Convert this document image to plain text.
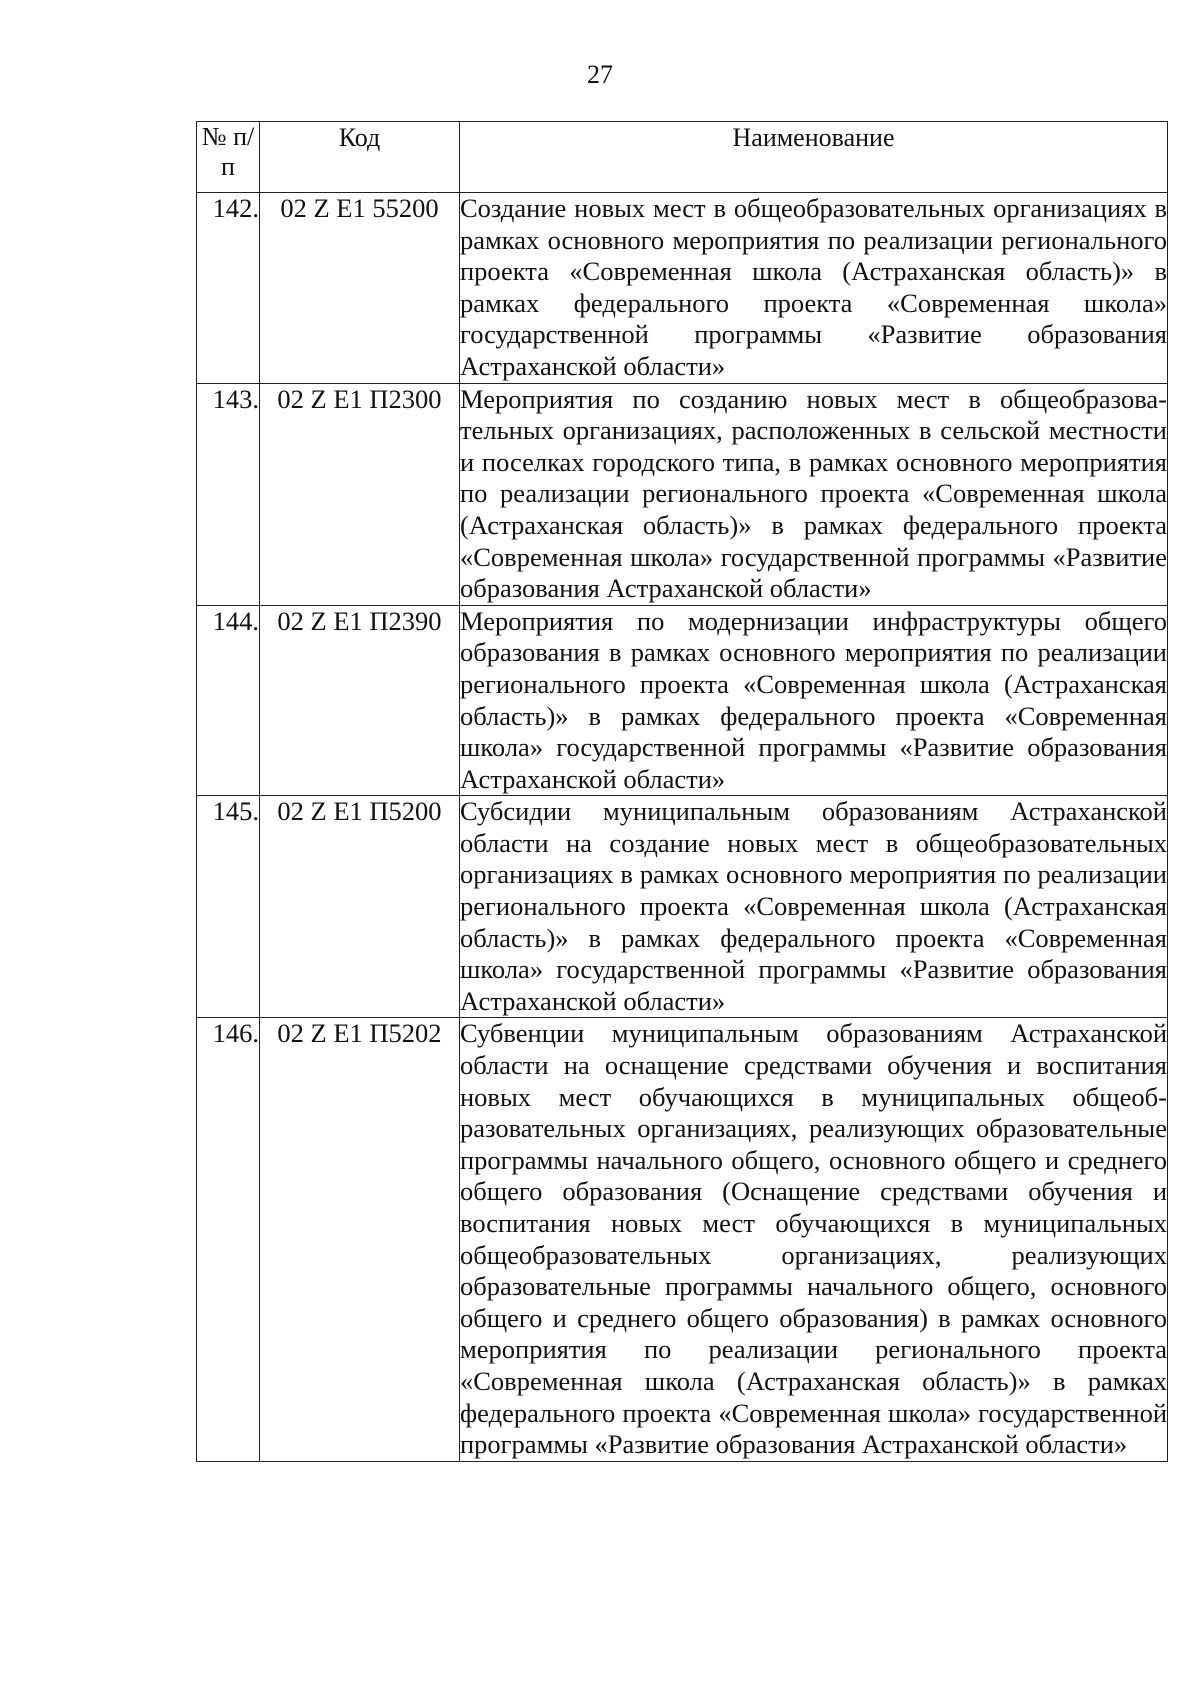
27
№ п/п	Код	Наименование
142.	02 Z E1 55200	Создание новых мест в общеобразовательных организациях в рамках основного мероприятия по реализации регионального проекта «Современная школа (Астраханская область)» в рамках федерального проекта «Современная школа» государственной программы «Развитие образования Астраханской области»
143.	02 Z E1 П2300	Мероприятия по созданию новых мест в общеобразовательных организациях, расположенных в сельской местности и поселках городского типа, в рамках основного мероприятия по реализации регионального проекта «Современная школа (Астраханская область)» в рамках федерального проекта «Современная школа» государственной программы «Развитие образования Астраханской области»
144.	02 Z E1 П2390	Мероприятия по модернизации инфраструктуры общего образования в рамках основного мероприятия по реализации регионального проекта «Современная школа (Астраханская область)» в рамках федерального проекта «Современная школа» государственной программы «Развитие образования Астраханской области»
145.	02 Z E1 П5200	Субсидии муниципальным образованиям Астраханской области на создание новых мест в общеобразовательных организациях в рамках основного мероприятия по реализации регионального проекта «Современная школа (Астраханская область)» в рамках федерального проекта «Современная школа» государственной программы «Развитие образования Астраханской области»
146.	02 Z E1 П5202	Субвенции муниципальным образованиям Астраханской области на оснащение средствами обучения и воспитания новых мест обучающихся в муниципальных общеобразовательных организациях, реализующих образовательные программы начального общего, основного общего и среднего общего образования (Оснащение средствами обучения и воспитания новых мест обучающихся в муниципальных общеобразовательных организациях, реализующих образовательные программы начального общего, основного общего и среднего общего образования) в рамках основного мероприятия по реализации регионального проекта «Современная школа (Астраханская область)» в рамках федерального проекта «Современная школа» государственной программы «Развитие образования Астраханской области»
